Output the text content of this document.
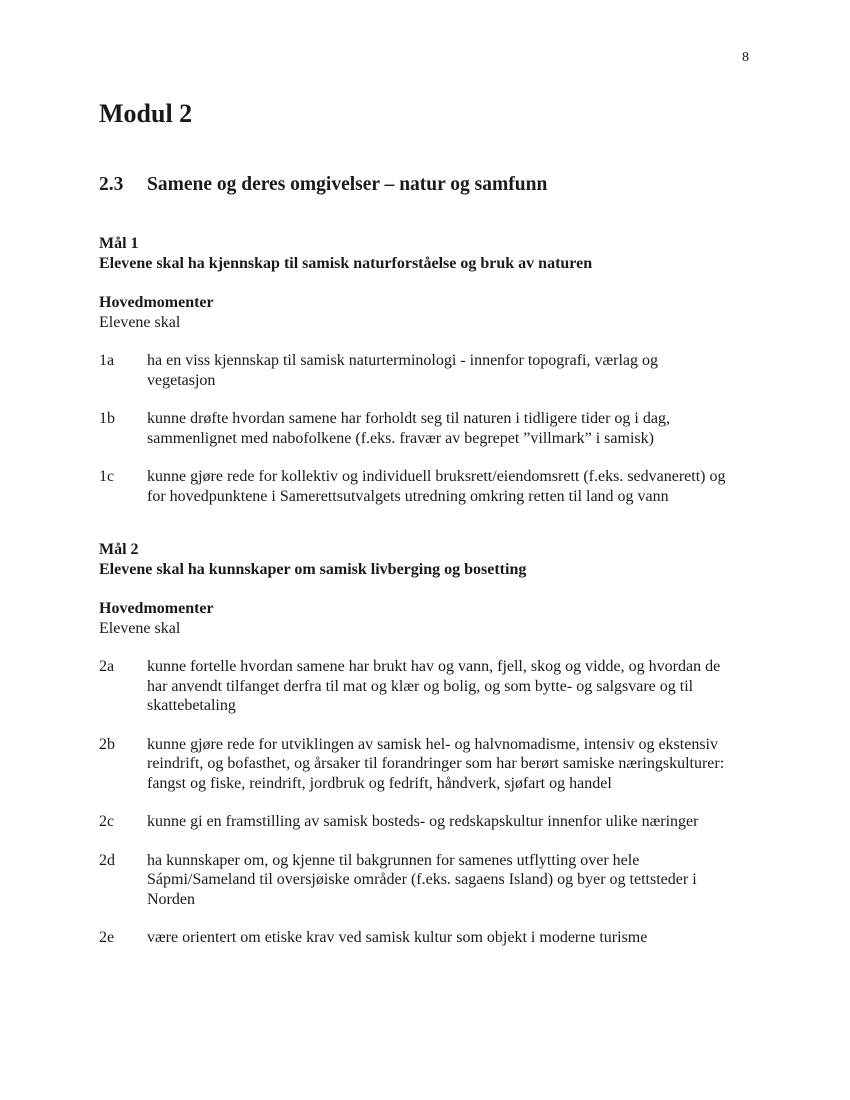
8
Modul 2
2.3 Samene og deres omgivelser – natur og samfunn
Mål 1
Elevene skal ha kjennskap til samisk naturforståelse og bruk av naturen
Hovedmomenter
Elevene skal
1a	ha en viss kjennskap til samisk naturterminologi - innenfor topografi, værlag og
vegetasjon
1b	kunne drøfte hvordan samene har forholdt seg til naturen i tidligere tider og i dag,
sammenlignet med nabofolkene (f.eks. fravær av begrepet ”villmark” i samisk)
1c	kunne gjøre rede for kollektiv og individuell bruksrett/eiendomsrett (f.eks. sedvanerett) og
for hovedpunktene i Samerettsutvalgets utredning omkring retten til land og vann
Mål 2
Elevene skal ha kunnskaper om samisk livberging og bosetting
Hovedmomenter
Elevene skal
2a	kunne fortelle hvordan samene har brukt hav og vann, fjell, skog og vidde, og hvordan de
har anvendt tilfanget derfra til mat og klær og bolig, og som bytte- og salgsvare og til
skattebetaling
2b	kunne gjøre rede for utviklingen av samisk hel- og halvnomadisme, intensiv og ekstensiv
reindrift, og bofasthet, og årsaker til forandringer som har berørt samiske næringskulturer:
fangst og fiske, reindrift, jordbruk og fedrift, håndverk, sjøfart og handel
2c	kunne gi en framstilling av samisk bosteds- og redskapskultur innenfor ulike næringer
2d	ha kunnskaper om, og kjenne til bakgrunnen for samenes utflytting over hele
Sápmi/Sameland til oversjøiske områder (f.eks. sagaens Island) og byer og tettsteder i
Norden
2e	være orientert om etiske krav ved samisk kultur som objekt i moderne turisme
